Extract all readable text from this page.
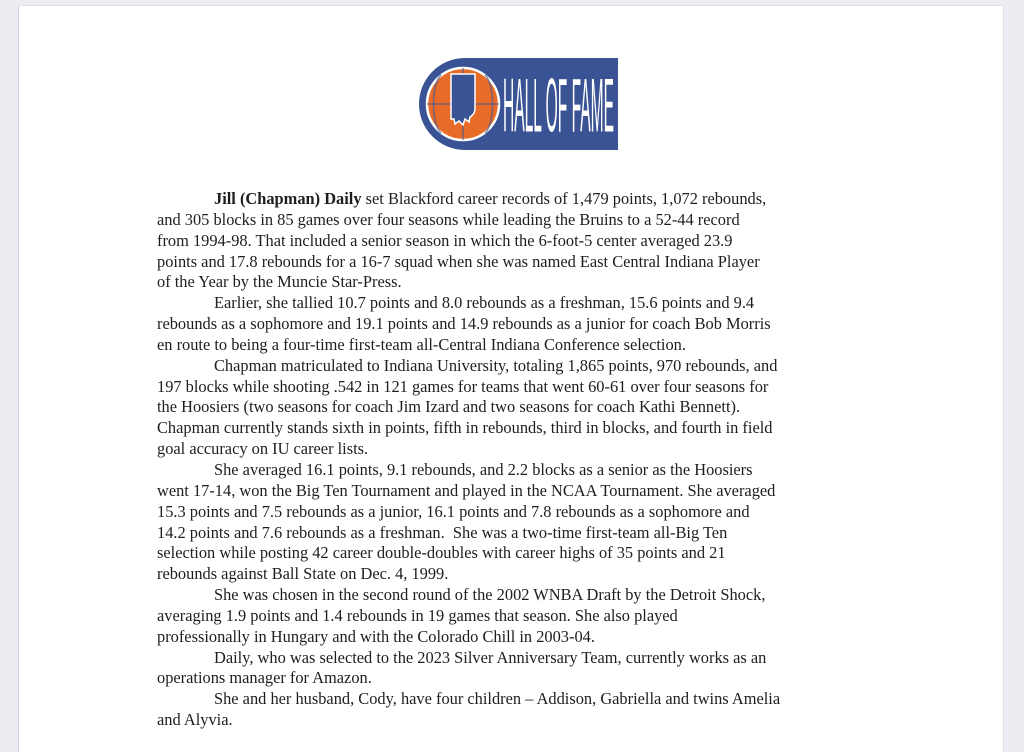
HALL OF FAME
Jill (Chapman) Daily set Blackford career records of 1,479 points, 1,072 rebounds,
and 305 blocks in 85 games over four seasons while leading the Bruins to a 52-44 record
from 1994-98. That included a senior season in which the 6-foot-5 center averaged 23.9
points and 17.8 rebounds for a 16-7 squad when she was named East Central Indiana Player
of the Year by the Muncie Star-Press.
Earlier, she tallied 10.7 points and 8.0 rebounds as a freshman, 15.6 points and 9.4
rebounds as a sophomore and 19.1 points and 14.9 rebounds as a junior for coach Bob Morris
en route to being a four-time first-team all-Central Indiana Conference selection.
Chapman matriculated to Indiana University, totaling 1,865 points, 970 rebounds, and
197 blocks while shooting .542 in 121 games for teams that went 60-61 over four seasons for
the Hoosiers (two seasons for coach Jim Izard and two seasons for coach Kathi Bennett).
Chapman currently stands sixth in points, fifth in rebounds, third in blocks, and fourth in field
goal accuracy on IU career lists.
She averaged 16.1 points, 9.1 rebounds, and 2.2 blocks as a senior as the Hoosiers
went 17-14, won the Big Ten Tournament and played in the NCAA Tournament. She averaged
15.3 points and 7.5 rebounds as a junior, 16.1 points and 7.8 rebounds as a sophomore and
14.2 points and 7.6 rebounds as a freshman.  She was a two-time first-team all-Big Ten
selection while posting 42 career double-doubles with career highs of 35 points and 21
rebounds against Ball State on Dec. 4, 1999.
She was chosen in the second round of the 2002 WNBA Draft by the Detroit Shock,
averaging 1.9 points and 1.4 rebounds in 19 games that season. She also played
professionally in Hungary and with the Colorado Chill in 2003-04.
Daily, who was selected to the 2023 Silver Anniversary Team, currently works as an
operations manager for Amazon.
She and her husband, Cody, have four children – Addison, Gabriella and twins Amelia
and Alyvia.
